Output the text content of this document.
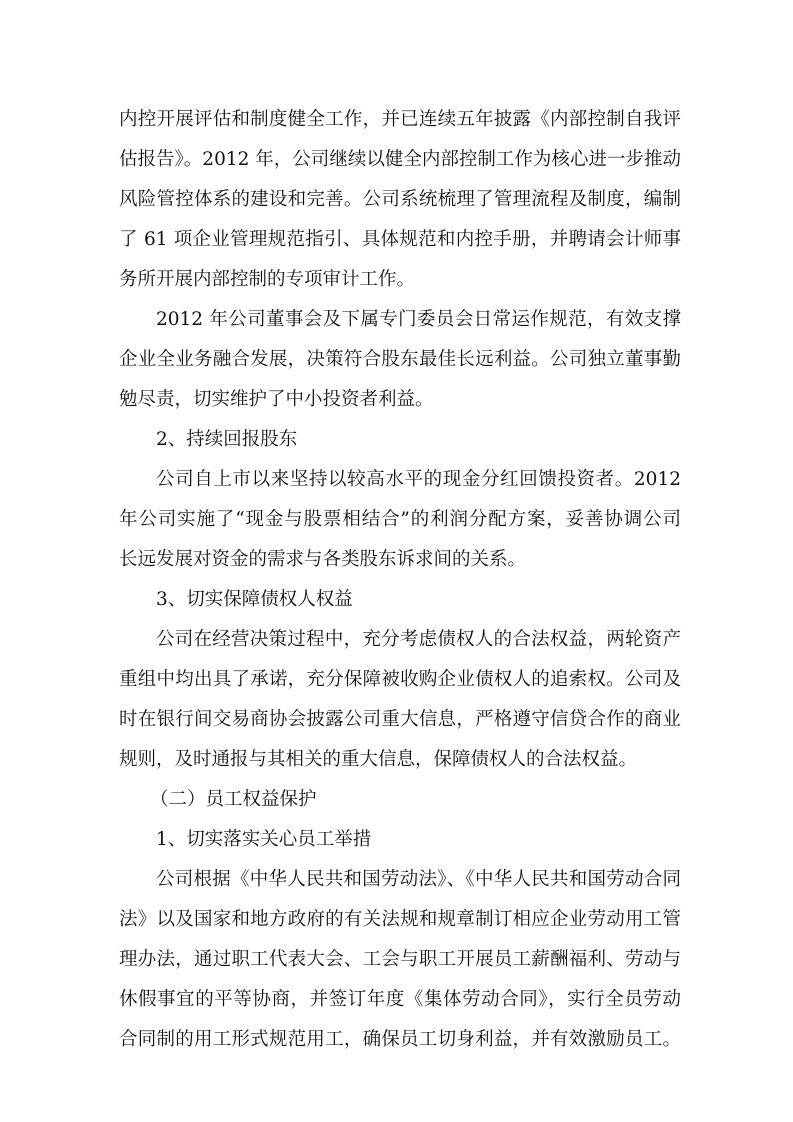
内控开展评估和制度健全工作，并已连续五年披露《内部控制自我评
估报告》。2012 年，公司继续以健全内部控制工作为核心进一步推动
风险管控体系的建设和完善。公司系统梳理了管理流程及制度，编制
了 61 项企业管理规范指引、具体规范和内控手册，并聘请会计师事
务所开展内部控制的专项审计工作。
2012 年公司董事会及下属专门委员会日常运作规范，有效支撑
企业全业务融合发展，决策符合股东最佳长远利益。公司独立董事勤
勉尽责，切实维护了中小投资者利益。
2、持续回报股东
公司自上市以来坚持以较高水平的现金分红回馈投资者。2012
年公司实施了“现金与股票相结合”的利润分配方案，妥善协调公司
长远发展对资金的需求与各类股东诉求间的关系。
3、切实保障债权人权益
公司在经营决策过程中，充分考虑债权人的合法权益，两轮资产
重组中均出具了承诺，充分保障被收购企业债权人的追索权。公司及
时在银行间交易商协会披露公司重大信息，严格遵守信贷合作的商业
规则，及时通报与其相关的重大信息，保障债权人的合法权益。
（二）员工权益保护
1、切实落实关心员工举措
公司根据《中华人民共和国劳动法》、《中华人民共和国劳动合同
法》以及国家和地方政府的有关法规和规章制订相应企业劳动用工管
理办法，通过职工代表大会、工会与职工开展员工薪酬福利、劳动与
休假事宜的平等协商，并签订年度《集体劳动合同》，实行全员劳动
合同制的用工形式规范用工，确保员工切身利益，并有效激励员工。
